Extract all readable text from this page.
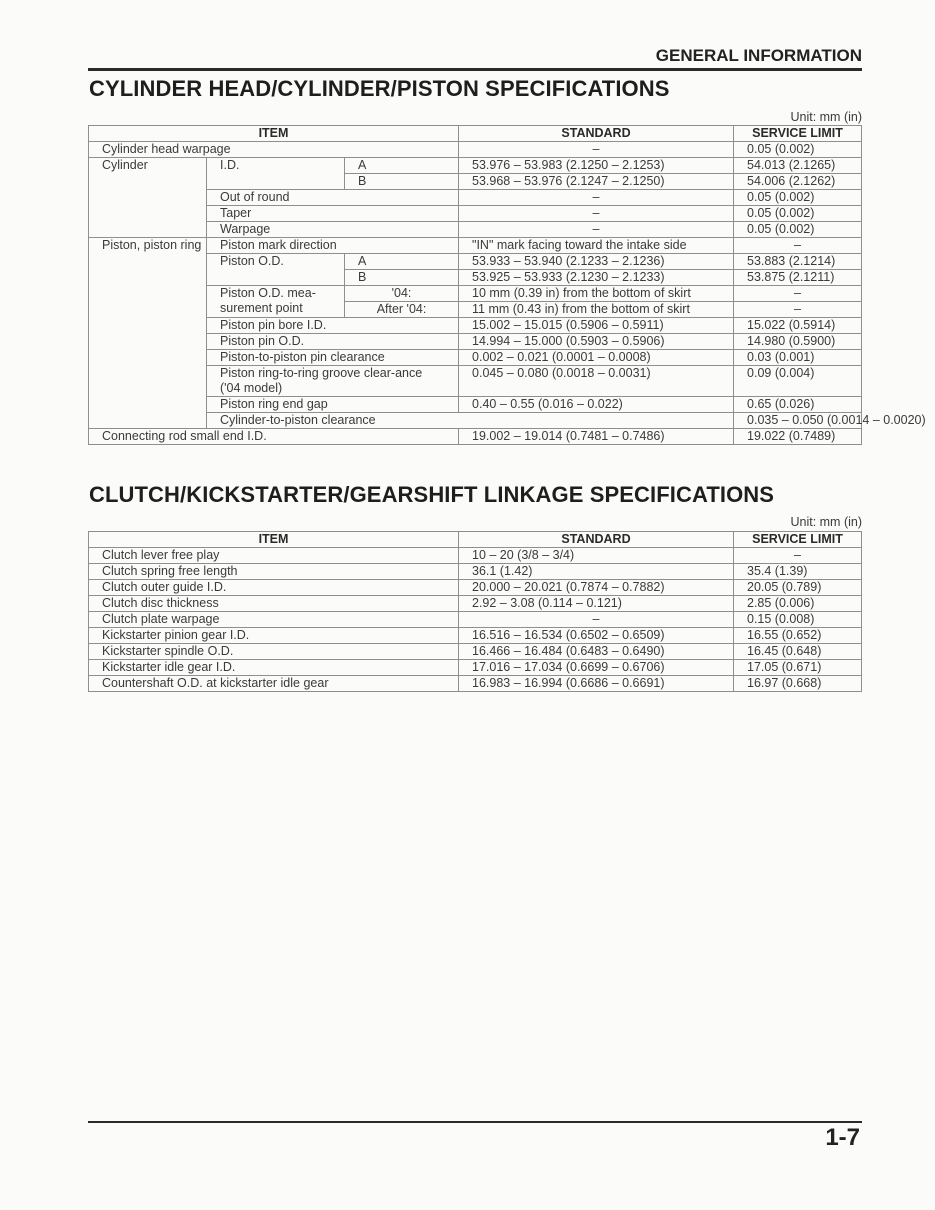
GENERAL INFORMATION
CYLINDER HEAD/CYLINDER/PISTON SPECIFICATIONS
Unit: mm (in)
ITEM			STANDARD	SERVICE LIMIT	
Cylinder head warpage			–	0.05 (0.002)	
Cylinder	I.D.	A	53.976 – 53.983 (2.1250 – 2.1253)	54.013 (2.1265)	
		B	53.968 – 53.976 (2.1247 – 2.1250)	54.006 (2.1262)	
	Out of round		–	0.05 (0.002)	
	Taper		–	0.05 (0.002)	
	Warpage		–	0.05 (0.002)	
Piston, piston ring	Piston mark direction		"IN" mark facing toward the intake side	–	
	Piston O.D.	A	53.933 – 53.940 (2.1233 – 2.1236)	53.883 (2.1214)	
		B	53.925 – 53.933 (2.1230 – 2.1233)	53.875 (2.1211)	
	Piston O.D. mea-surement point	'04:	10 mm (0.39 in) from the bottom of skirt	–	
		After '04:	11 mm (0.43 in) from the bottom of skirt	–	
	Piston pin bore I.D.		15.002 – 15.015 (0.5906 – 0.5911)	15.022 (0.5914)	
	Piston pin O.D.		14.994 – 15.000 (0.5903 – 0.5906)	14.980 (0.5900)	
	Piston-to-piston pin clearance		0.002 – 0.021 (0.0001 – 0.0008)	0.03 (0.001)	
	Piston ring-to-ring groove clear-ance ('04 model)		0.045 – 0.080 (0.0018 – 0.0031)	0.09 (0.004)	
	Piston ring end gap		0.40 – 0.55 (0.016 – 0.022)	0.65 (0.026)	
	Cylinder-to-piston clearance			0.035 – 0.050 (0.0014 – 0.0020)	
Connecting rod small end I.D.			19.002 – 19.014 (0.7481 – 0.7486)	19.022 (0.7489)	
CLUTCH/KICKSTARTER/GEARSHIFT LINKAGE SPECIFICATIONS
Unit: mm (in)
ITEM	STANDARD	SERVICE LIMIT
Clutch lever free play	10 – 20 (3/8 – 3/4)	–
Clutch spring free length	36.1 (1.42)	35.4 (1.39)
Clutch outer guide I.D.	20.000 – 20.021 (0.7874 – 0.7882)	20.05 (0.789)
Clutch disc thickness	2.92 – 3.08 (0.114 – 0.121)	2.85 (0.006)
Clutch plate warpage	–	0.15 (0.008)
Kickstarter pinion gear I.D.	16.516 – 16.534 (0.6502 – 0.6509)	16.55 (0.652)
Kickstarter spindle O.D.	16.466 – 16.484 (0.6483 – 0.6490)	16.45 (0.648)
Kickstarter idle gear I.D.	17.016 – 17.034 (0.6699 – 0.6706)	17.05 (0.671)
Countershaft O.D. at kickstarter idle gear	16.983 – 16.994 (0.6686 – 0.6691)	16.97 (0.668)
1-7
